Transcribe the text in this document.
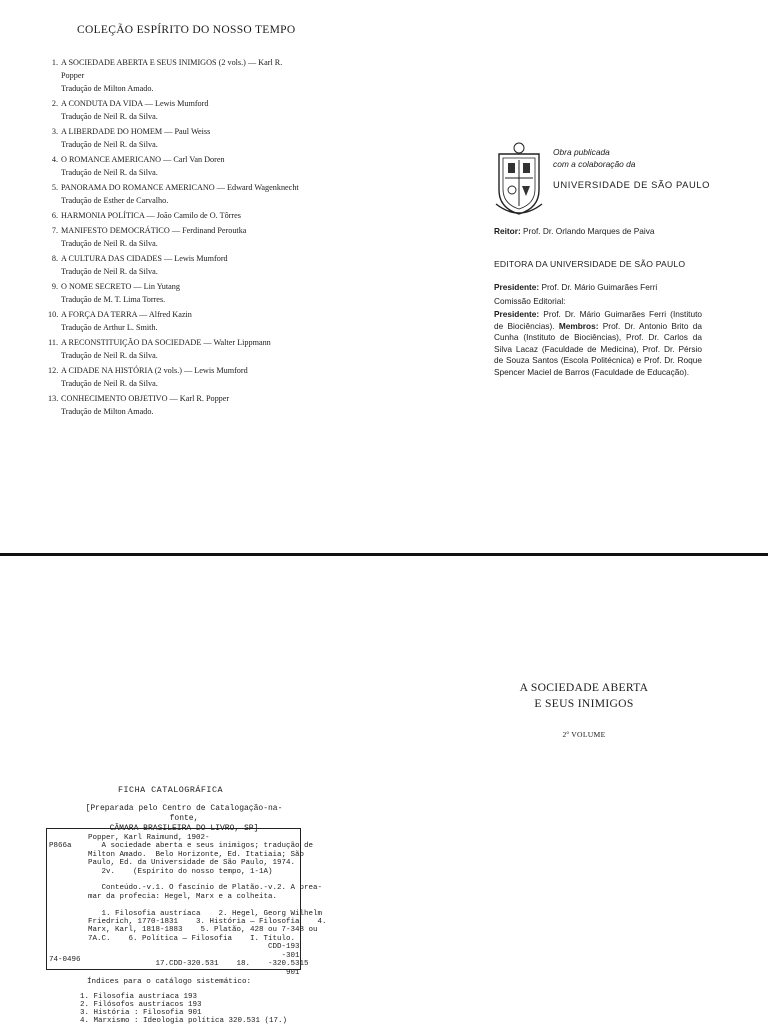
COLEÇÃO ESPÍRITO DO NOSSO TEMPO
1. A SOCIEDADE ABERTA E SEUS INIMIGOS (2 vols.) — Karl R. Popper
Tradução de Milton Amado.
2. A CONDUTA DA VIDA — Lewis Mumford
Tradução de Neil R. da Silva.
3. A LIBERDADE DO HOMEM — Paul Weiss
Tradução de Neil R. da Silva.
4. O ROMANCE AMERICANO — Carl Van Doren
Tradução de Neil R. da Silva.
5. PANORAMA DO ROMANCE AMERICANO — Edward Wagenknecht
Tradução de Esther de Carvalho.
6. HARMONIA POLÍTICA — João Camilo de O. Tôrres
7. MANIFESTO DEMOCRÁTICO — Ferdinand Peroutka
Tradução de Neil R. da Silva.
8. A CULTURA DAS CIDADES — Lewis Mumford
Tradução de Neil R. da Silva.
9. O NOME SECRETO — Lin Yutang
Tradução de M. T. Lima Torres.
10. A FORÇA DA TERRA — Alfred Kazin
Tradução de Arthur L. Smith.
11. A RECONSTITUIÇÃO DA SOCIEDADE — Walter Lippmann
Tradução de Neil R. da Silva.
12. A CIDADE NA HISTÓRIA (2 vols.) — Lewis Mumford
Tradução de Neil R. da Silva.
13. CONHECIMENTO OBJETIVO — Karl R. Popper
Tradução de Milton Amado.
Obra publicada
com a colaboração da
UNIVERSIDADE DE SÃO PAULO
Reitor: Prof. Dr. Orlando Marques de Paiva
EDITORA DA UNIVERSIDADE DE SÃO PAULO
Presidente: Prof. Dr. Mário Guimarães Ferri
Comissão Editorial:
Presidente: Prof. Dr. Mário Guimarães Ferri (Instituto de Biociências). Membros: Prof. Dr. Antonio Brito da Cunha (Instituto de Biociências), Prof. Dr. Carlos da Silva Lacaz (Faculdade de Medicina), Prof. Dr. Pérsio de Souza Santos (Escola Politécnica) e Prof. Dr. Roque Spencer Maciel de Barros (Faculdade de Educação).
A SOCIEDADE ABERTA
E SEUS INIMIGOS
2º VOLUME
FICHA CATALOGRÁFICA
[Preparada pelo Centro de Catalogação-na-fonte,
CÂMARA BRASILEIRA DO LIVRO, SP]
P866a
Popper, Karl Raimund, 1902-
A sociedade aberta e seus inimigos; tradução de
Milton Amado.  Belo Horizonte, Ed. Itatiaia; São
Paulo, Ed. da Universidade de São Paulo, 1974.
2v.    (Espírito do nosso tempo, 1-1A)

Conteúdo.-v.1. O fascínio de Platão.-v.2. A prea-
mar da profecia: Hegel, Marx e a colheita.

1. Filosofia austríaca    2. Hegel, Georg Wilhelm
Friedrich, 1770-1831    3. História — Filosofia    4.
Marx, Karl, 1818-1883    5. Platão, 428 ou 7-348 ou
7A.C.    6. Política — Filosofia    I. Título.
CDD-193
-301
17.CDD-320.531    18.    -320.5315
901
74-0496
Índices para o catálogo sistemático:
1. Filosofia austríaca 193
2. Filósofos austríacos 193
3. História : Filosofia 901
4. Marxismo : Ideologia política 320.531 (17.)
